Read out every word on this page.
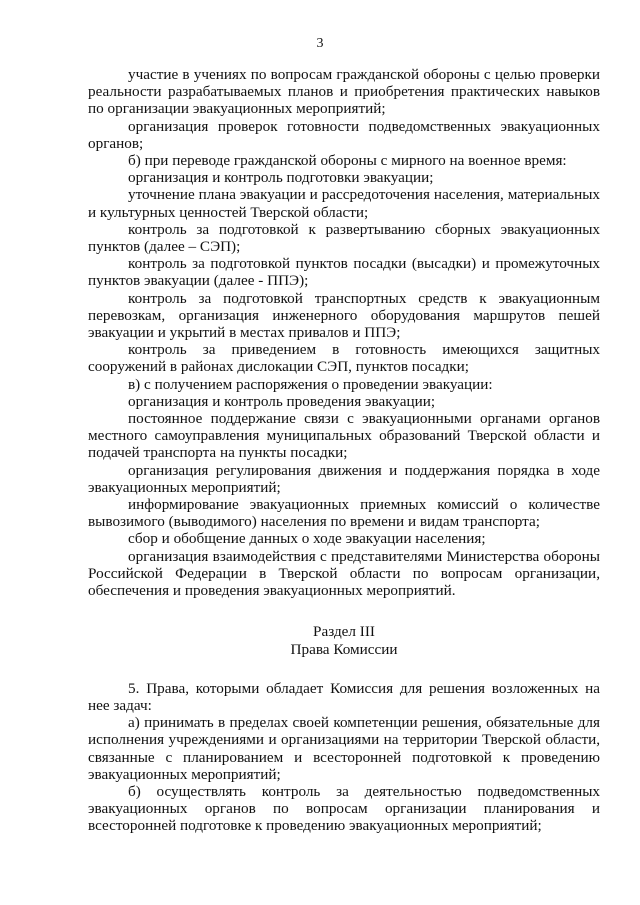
3

участие в учениях по вопросам гражданской обороны с целью проверки реальности разрабатываемых планов и приобретения практических навыков по организации эвакуационных мероприятий;

организация проверок готовности подведомственных эвакуационных органов;

б) при переводе гражданской обороны с мирного на военное время:

организация и контроль подготовки эвакуации;

уточнение плана эвакуации и рассредоточения населения, материальных и культурных ценностей Тверской области;

контроль за подготовкой к развертыванию сборных эвакуационных пунктов (далее – СЭП);

контроль за подготовкой пунктов посадки (высадки) и промежуточных пунктов эвакуации (далее - ППЭ);

контроль за подготовкой транспортных средств к эвакуационным перевозкам, организация инженерного оборудования маршрутов пешей эвакуации и укрытий в местах привалов и ППЭ;

контроль за приведением в готовность имеющихся защитных сооружений в районах дислокации СЭП, пунктов посадки;

в) с получением распоряжения о проведении эвакуации:

организация и контроль проведения эвакуации;

постоянное поддержание связи с эвакуационными органами органов местного самоуправления муниципальных образований Тверской области и подачей транспорта на пункты посадки;

организация регулирования движения и поддержания порядка в ходе эвакуационных мероприятий;

информирование эвакуационных приемных комиссий о количестве вывозимого (выводимого) населения по времени и видам транспорта;

сбор и обобщение данных о ходе эвакуации населения;

организация взаимодействия с представителями Министерства обороны Российской Федерации в Тверской области по вопросам организации, обеспечения и проведения эвакуационных мероприятий.

Раздел III

Права Комиссии

5. Права, которыми обладает Комиссия для решения возложенных на нее задач:

а) принимать в пределах своей компетенции решения, обязательные для исполнения учреждениями и организациями на территории Тверской области, связанные с планированием и всесторонней подготовкой к проведению эвакуационных мероприятий;

б) осуществлять контроль за деятельностью подведомственных эвакуационных органов по вопросам организации планирования и всесторонней подготовке к проведению эвакуационных мероприятий;
